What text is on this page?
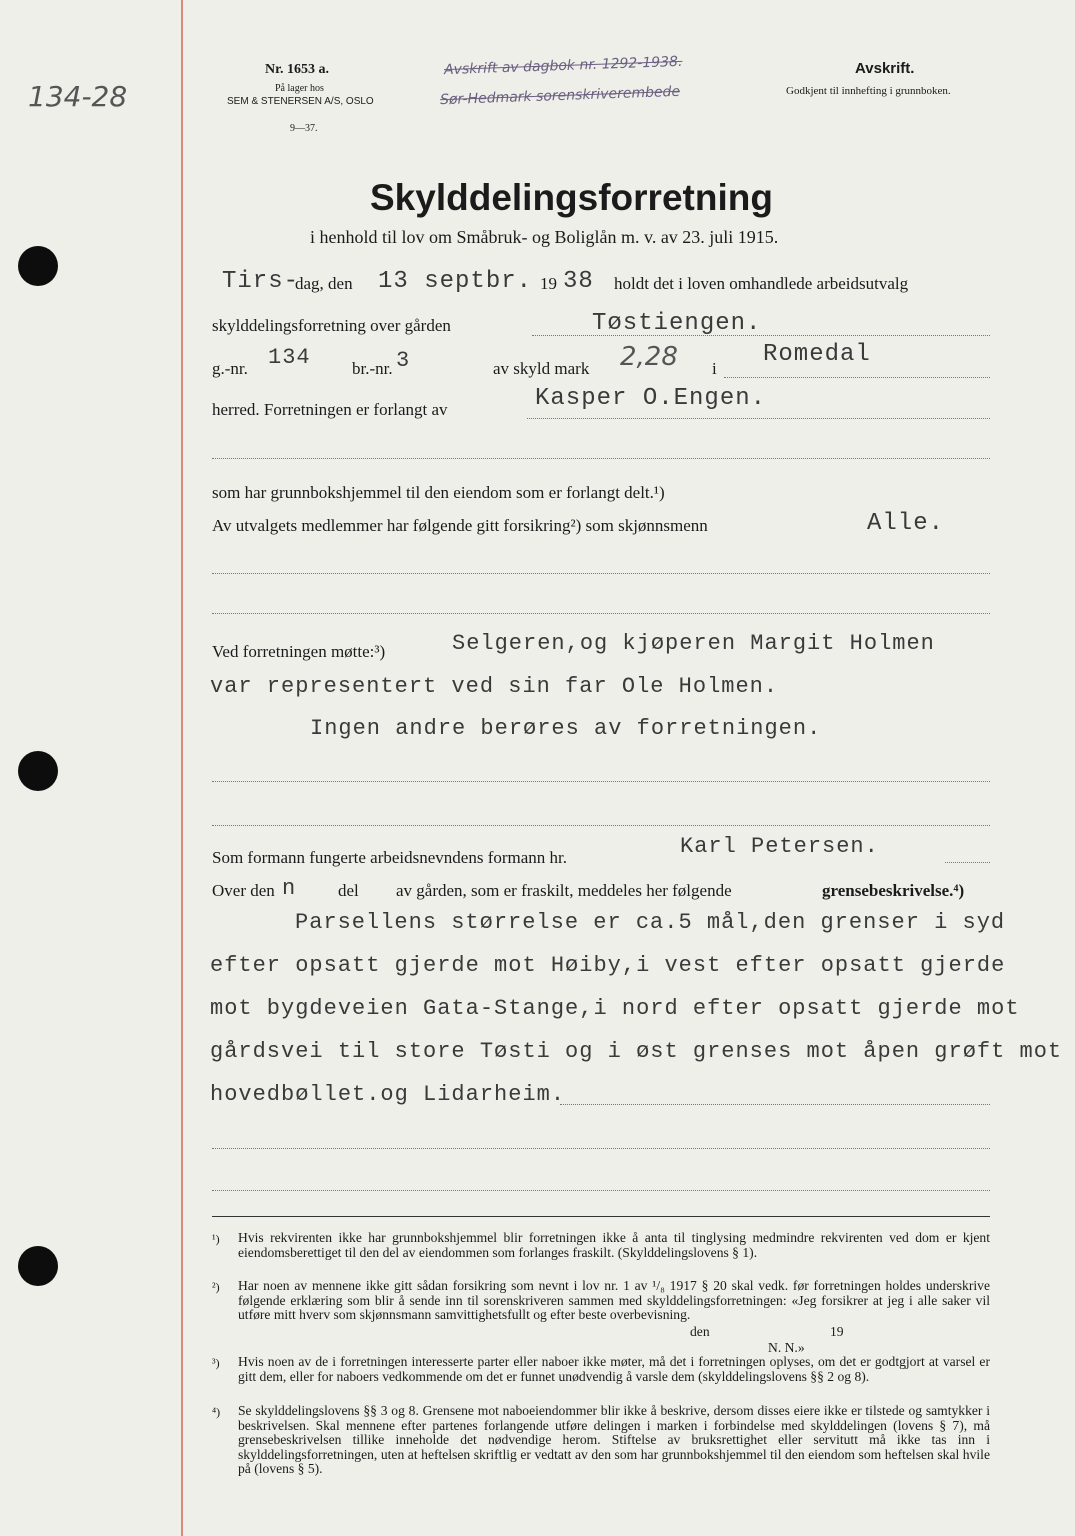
134-28
Nr. 1653 a.
På lager hos
SEM & STENERSEN A/S, OSLO
9—37.
Avskrift av dagbok nr. 1292-1938.
Sør-Hedmark sorenskriverembede
Avskrift.
Godkjent til innhefting i grunnboken.
Skylddelingsforretning
i henhold til lov om Småbruk- og Boliglån m. v. av 23. juli 1915.
Tirs-
dag, den 13 septbr. 19 38 holdt det i loven omhandlede arbeidsutvalg
skylddelingsforretning over gården	Tøstiengen.
g.-nr. 134 br.-nr. 3	av skyld mark 2,28 i
Romedal
herred. Forretningen er forlangt av	Kasper O.Engen.
som har grunnbokshjemmel til den eiendom som er forlangt delt.¹)
Av utvalgets medlemmer har følgende gitt forsikring²) som skjønnsmenn	Alle.
Ved forretningen møtte:³)	Selgeren,og kjøperen Margit Holmen
var representert ved sin far Ole Holmen.
Ingen andre berøres av forretningen.
Som formann fungerte arbeidsnevndens formann hr.	Karl Petersen.
Over den n del av gården, som er fraskilt, meddeles her følgende	grensebeskrivelse.⁴)
Parsellens størrelse er ca.5 mål,den grenser i syd
efter opsatt gjerde mot Høiby,i vest efter opsatt gjerde
mot bygdeveien Gata-Stange,i nord efter opsatt gjerde mot
gårdsvei til store Tøsti og i øst grenses mot åpen grøft mot
hovedbøllet.og Lidarheim.
¹) Hvis rekvirenten ikke har grunnbokshjemmel blir forretningen ikke å anta til tinglysing medmindre rekvirenten ved dom er kjent eiendomsberettiget til den del av eiendommen som forlanges fraskilt. (Skylddelingslovens § 1).
²) Har noen av mennene ikke gitt sådan forsikring som nevnt i lov nr. 1 av ¹/₈ 1917 § 20 skal vedk. før forretningen holdes underskrive følgende erklæring som blir å sende inn til sorenskriveren sammen med skylddelingsforretningen: «Jeg forsikrer at jeg i alle saker vil utføre mitt hverv som skjønnsmann samvittighetsfullt og efter beste overbevisning.
den	19
N. N.»
³) Hvis noen av de i forretningen interesserte parter eller naboer ikke møter, må det i forretningen oplyses, om det er godtgjort at varsel er gitt dem, eller for naboers vedkommende om det er funnet unødvendig å varsle dem (skylddelingslovens §§ 2 og 8).
⁴) Se skylddelingslovens §§ 3 og 8. Grensene mot naboeiendommer blir ikke å beskrive, dersom disses eiere ikke er tilstede og samtykker i beskrivelsen. Skal mennene efter partenes forlangende utføre delingen i marken i forbindelse med skylddelingen (lovens § 7), må grensebeskrivelsen tillike inneholde det nødvendige herom. Stiftelse av bruksrettighet eller servitutt må ikke tas inn i skylddelingsforretningen, uten at heftelsen skriftlig er vedtatt av den som har grunnbokshjemmel til den eiendom som heftelsen skal hvile på (lovens § 5).
